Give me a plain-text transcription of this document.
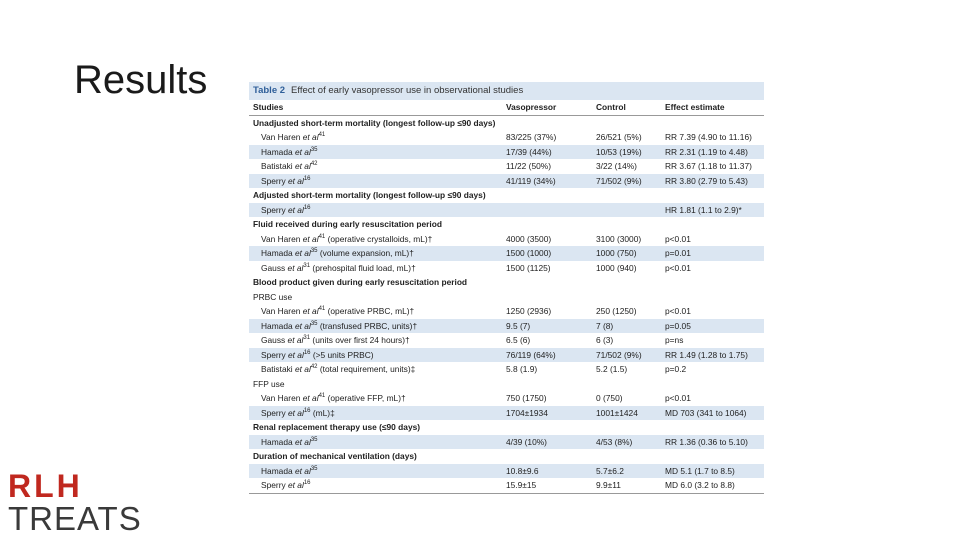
Results	Table 2 Effect of early vasopressor use in observational studies
Studies	Vasopressor	Control	Effect estimate
Unadjusted short-term mortality (longest follow-up ≤90 days)			
Van Haren et $al^{41}$	83/225 (37%)	26/521 (5%)	RR 7.39 (4.90 to 11.16)
Hamada et $al^{35}$	17/39 (44%)	10/53 (19%)	RR 2.31 (1.19 to 4.48)
Batistaki et $al^{42}$	11/22 (50%)	3/22 (14%)	RR 3.67 (1.18 to 11.37)
Sperry et $al^{16}$	41/119 (34%)	71/502 (9%)	RR 3.80 (2.79 to 5.43)
Adjusted short-term mortality (longest follow-up ≤90 days)			
Sperry et $al^{16}$			HR 1.81 (1.1 to 2.9)*
Fluid received during early resuscitation period			
Van Haren et $al^{41}$ (operative crystalloids, mL)†	4000 (3500)	3100 (3000)	p<0.01
Hamada et $al^{35}$ (volume expansion, mL)†	1500 (1000)	1000 (750)	p=0.01
Gauss et $al^{31}$ (prehospital fluid load, mL)†	1500 (1125)	1000 (940)	p<0.01
Blood product given during early resuscitation period			
PRBC use			
Van Haren et $al^{41}$ (operative PRBC, mL)†	1250 (2936)	250 (1250)	p<0.01
Hamada et $al^{35}$ (transfused PRBC, units)†	9.5 (7)	7 (8)	p=0.05
Gauss et $al^{31}$ (units over first 24 hours)†	6.5 (6)	6 (3)	p=ns
Sperry et $al^{16}$ (>5 units PRBC)	76/119 (64%)	71/502 (9%)	RR 1.49 (1.28 to 1.75)
Batistaki et $al^{42}$ (total requirement, units)‡	5.8 (1.9)	5.2 (1.5)	p=0.2
FFP use			
Van Haren et $al^{41}$ (operative FFP, mL)†	750 (1750)	0 (750)	p<0.01
Sperry et $al^{16}$ (mL)‡	1704±1934	1001±1424	MD 703 (341 to 1064)
Renal replacement therapy use (≤90 days)			
Hamada et $al^{35}$	4/39 (10%)	4/53 (8%)	RR 1.36 (0.36 to 5.10)
Duration of mechanical ventilation (days)			
Hamada et $al^{35}$	10.8±9.6	5.7±6.2	MD 5.1 (1.7 to 8.5)
Sperry et $al^{16}$	15.9±15	9.9±11	MD 6.0 (3.2 to 8.8)
RLH
TREATS
